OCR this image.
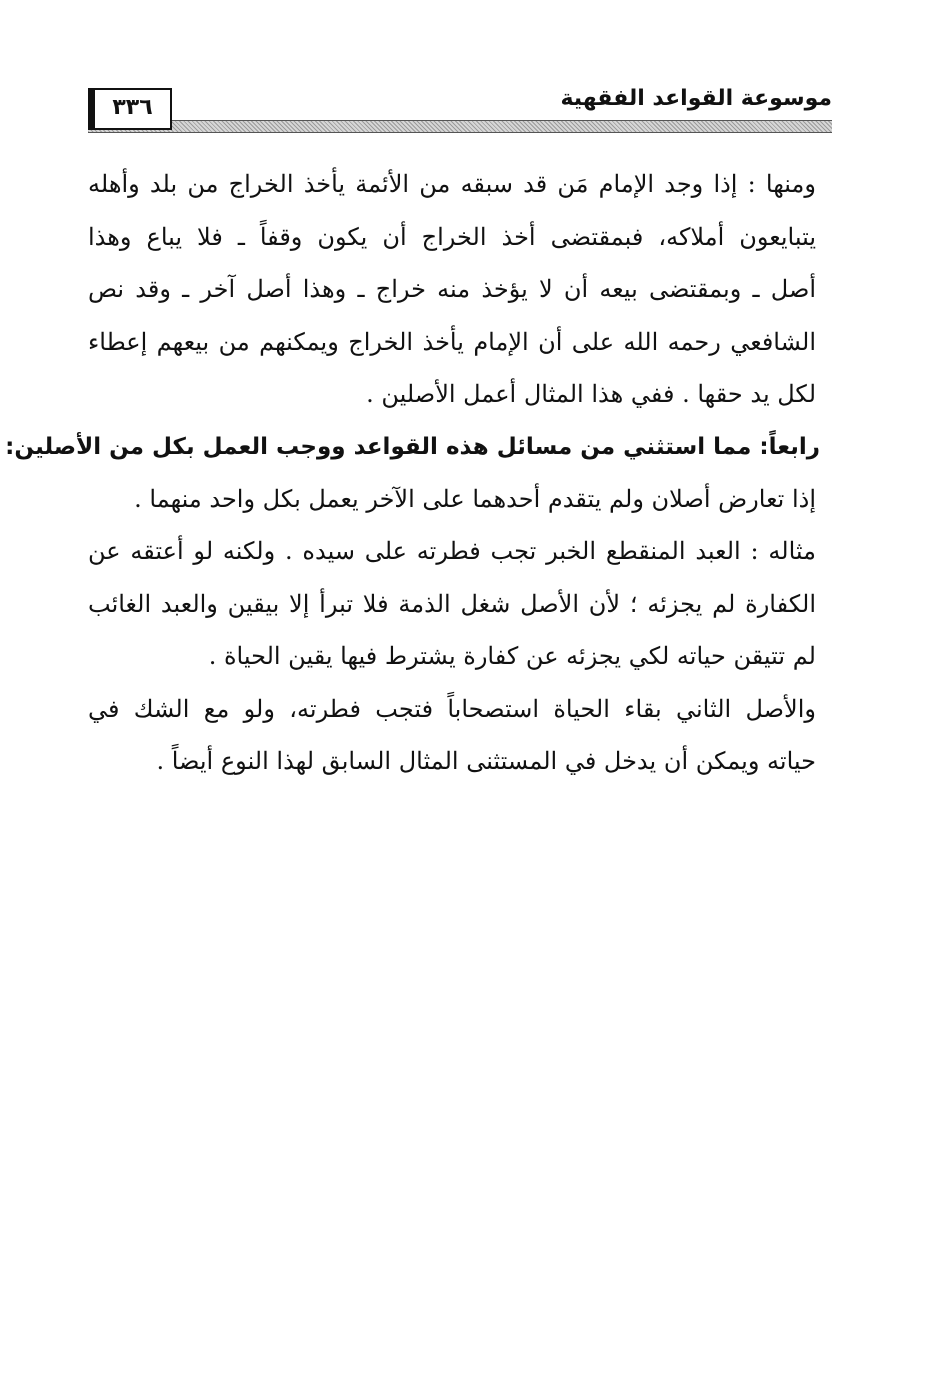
موسوعة القواعد الفقهية
٣٣٦
ومنها : إذا وجد الإمام مَن قد سبقه من الأئمة يأخذ الخراج من بلد وأهله
يتبايعون أملاكه، فبمقتضى أخذ الخراج أن يكون وقفاً ـ فلا يباع وهذا
أصل ـ وبمقتضى بيعه أن لا يؤخذ منه خراج ـ وهذا أصل آخر ـ وقد نص
الشافعي رحمه الله على أن الإمام يأخذ الخراج ويمكنهم من بيعهم إعطاء
لكل يد حقها . ففي هذا المثال أعمل الأصلين .
رابعاً: مما استثني من مسائل هذه القواعد ووجب العمل بكل من الأصلين:
إذا تعارض أصلان ولم يتقدم أحدهما على الآخر يعمل بكل واحد منهما .
مثاله : العبد المنقطع الخبر تجب فطرته على سيده . ولكنه لو أعتقه عن
الكفارة لم يجزئه ؛ لأن الأصل شغل الذمة فلا تبرأ إلا بيقين والعبد الغائب
لم تتيقن حياته لكي يجزئه عن كفارة يشترط فيها يقين الحياة .
والأصل الثاني بقاء الحياة استصحاباً فتجب فطرته، ولو مع الشك في
حياته ويمكن أن يدخل في المستثنى المثال السابق لهذا النوع أيضاً .
